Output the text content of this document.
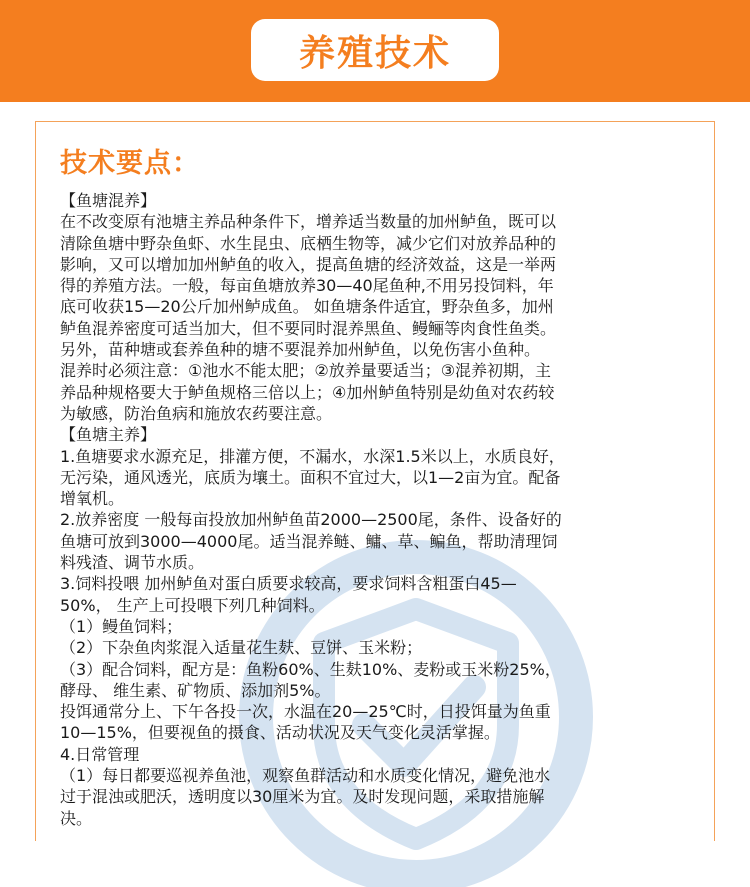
养殖技术
技术要点：

【鱼塘混养】

在不改变原有池塘主养品种条件下，增养适当数量的加州鲈鱼，既可以

清除鱼塘中野杂鱼虾、水生昆虫、底栖生物等，减少它们对放养品种的

影响，又可以增加加州鲈鱼的收入，提高鱼塘的经济效益，这是一举两

得的养殖方法。一般，每亩鱼塘放养30—40尾鱼种,不用另投饲料，年

底可收获15—20公斤加州鲈成鱼。 如鱼塘条件适宜，野杂鱼多，加州

鲈鱼混养密度可适当加大，但不要同时混养黑鱼、鳗鲡等肉食性鱼类。

另外，苗种塘或套养鱼种的塘不要混养加州鲈鱼，以免伤害小鱼种。

混养时必须注意：①池水不能太肥；②放养量要适当；③混养初期，主

养品种规格要大于鲈鱼规格三倍以上；④加州鲈鱼特别是幼鱼对农药较

为敏感，防治鱼病和施放农药要注意。

【鱼塘主养】

1.鱼塘要求水源充足，排灌方便，不漏水，水深1.5米以上，水质良好，

无污染，通风透光，底质为壤土。面积不宜过大，以1—2亩为宜。配备

增氧机。

2.放养密度 一般每亩投放加州鲈鱼苗2000—2500尾，条件、设备好的

鱼塘可放到3000—4000尾。适当混养鲢、鳙、草、鳊鱼，帮助清理饲

料残渣、调节水质。

3.饲料投喂 加州鲈鱼对蛋白质要求较高，要求饲料含粗蛋白45—

50%， 生产上可投喂下列几种饲料。

（1）鳗鱼饲料；

（2）下杂鱼肉浆混入适量花生麸、豆饼、玉米粉；

（3）配合饲料，配方是：鱼粉60%、生麸10%、麦粉或玉米粉25%，

酵母、 维生素、矿物质、添加剂5%。

投饵通常分上、下午各投一次，水温在20—25℃时，日投饵量为鱼重

10—15%，但要视鱼的摄食、活动状况及天气变化灵活掌握。

4.日常管理

（1）每日都要巡视养鱼池，观察鱼群活动和水质变化情况，避免池水

过于混浊或肥沃，透明度以30厘米为宜。及时发现问题，采取措施解

决。
